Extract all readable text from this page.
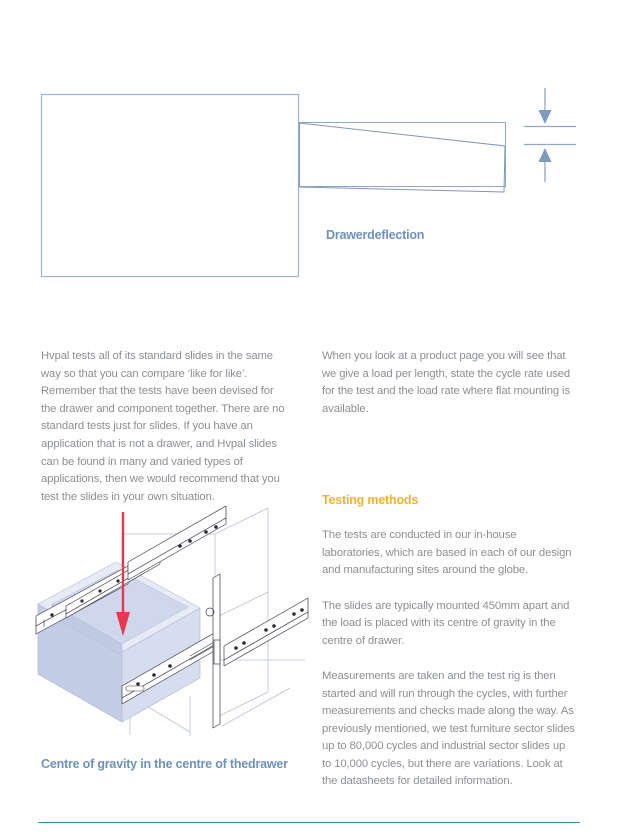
Drawerdeflection

Hvpal tests all of its standard slides in the same way so that you can compare ‘like for like’. Remember that the tests have been devised for the drawer and component together. There are no standard tests just for slides. If you have an application that is not a drawer, and Hvpal slides can be found in many and varied types of applications, then we would recommend that you test the slides in your own situation.

When you look at a product page you will see that we give a load per length, state the cycle rate used for the test and the load rate where flat mounting is available.

Testing methods

The tests are conducted in our in-house laboratories, which are based in each of our design and manufacturing sites around the globe.

The slides are typically mounted 450mm apart and the load is placed with its centre of gravity in the centre of drawer.

Measurements are taken and the test rig is then started and will run through the cycles, with further measurements and checks made along the way. As previously mentioned, we test furniture sector slides up to 80,000 cycles and industrial sector slides up to 10,000 cycles, but there are variations. Look at the datasheets for detailed information.

Centre of gravity in the centre of thedrawer
